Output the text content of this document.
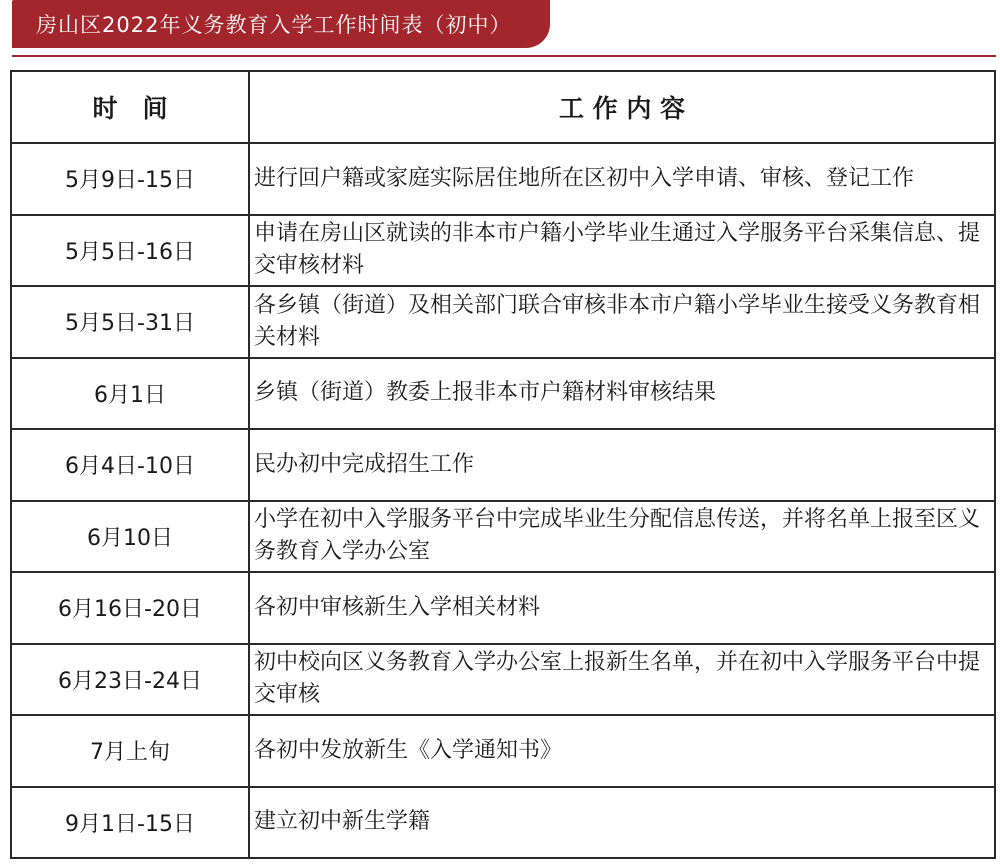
房山区2022年义务教育入学工作时间表（初中）
时　间	工 作 内 容
5月9日-15日	进行回户籍或家庭实际居住地所在区初中入学申请、审核、登记工作
5月5日-16日	申请在房山区就读的非本市户籍小学毕业生通过入学服务平台采集信息、提交审核材料
5月5日-31日	各乡镇（街道）及相关部门联合审核非本市户籍小学毕业生接受义务教育相关材料
6月1日	乡镇（街道）教委上报非本市户籍材料审核结果
6月4日-10日	民办初中完成招生工作
6月10日	小学在初中入学服务平台中完成毕业生分配信息传送，并将名单上报至区义务教育入学办公室
6月16日-20日	各初中审核新生入学相关材料
6月23日-24日	初中校向区义务教育入学办公室上报新生名单，并在初中入学服务平台中提交审核
7月上旬	各初中发放新生《入学通知书》
9月1日-15日	建立初中新生学籍
